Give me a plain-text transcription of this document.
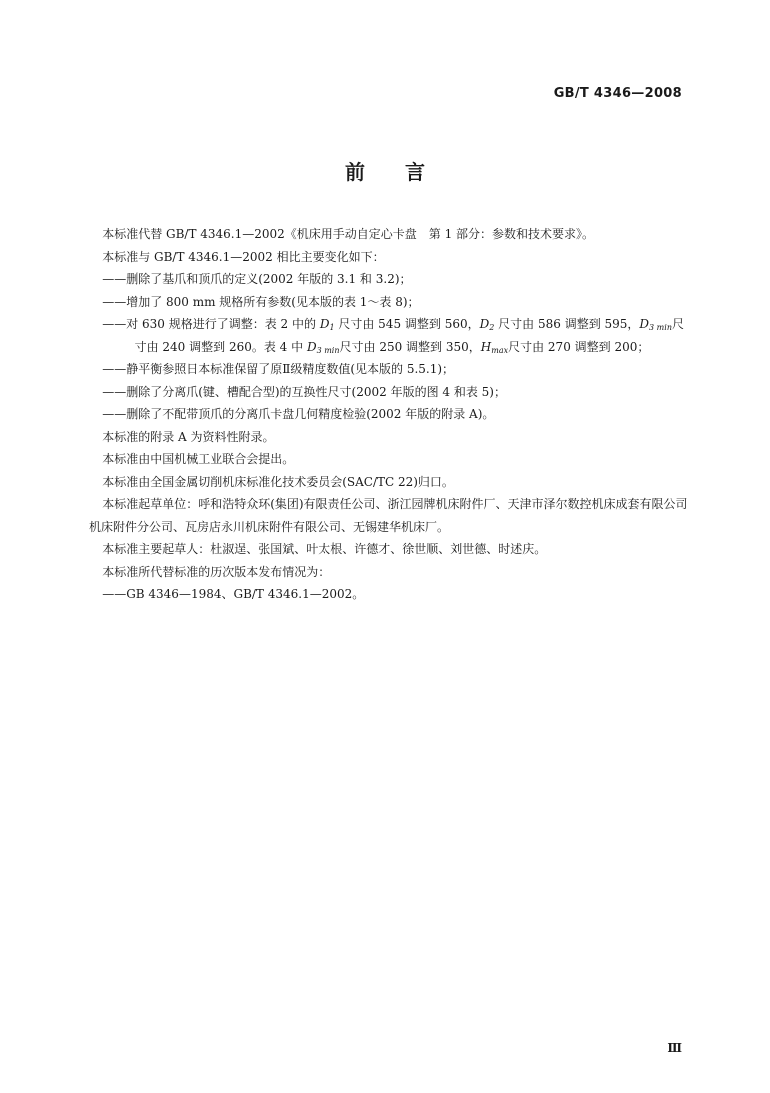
GB/T 4346—2008
前　　言

本标准代替 GB/T 4346.1—2002《机床用手动自定心卡盘　第 1 部分：参数和技术要求》。

本标准与 GB/T 4346.1—2002 相比主要变化如下：

——删除了基爪和顶爪的定义(2002 年版的 3.1 和 3.2)；

——增加了 800 mm 规格所有参数(见本版的表 1～表 8)；

——对 630 规格进行了调整：表 2 中的 $D_1$ 尺寸由 545 调整到 560，$D_2$ 尺寸由 586 调整到 595，$D_{3 min}$尺寸由 240 调整到 260。表 4 中 $D_{3 min}$尺寸由 250 调整到 350，$H_{max}$尺寸由 270 调整到 200；

——静平衡参照日本标准保留了原Ⅱ级精度数值(见本版的 5.5.1)；

——删除了分离爪(键、槽配合型)的互换性尺寸(2002 年版的图 4 和表 5)；

——删除了不配带顶爪的分离爪卡盘几何精度检验(2002 年版的附录 A)。

本标准的附录 A 为资料性附录。

本标准由中国机械工业联合会提出。

本标准由全国金属切削机床标准化技术委员会(SAC/TC 22)归口。

本标准起草单位：呼和浩特众环(集团)有限责任公司、浙江园牌机床附件厂、天津市泽尔数控机床成套有限公司机床附件分公司、瓦房店永川机床附件有限公司、无锡建华机床厂。

本标准主要起草人：杜淑逞、张国斌、叶太根、许德才、徐世顺、刘世德、时述庆。

本标准所代替标准的历次版本发布情况为：

——GB 4346—1984、GB/T 4346.1—2002。

Ⅲ
